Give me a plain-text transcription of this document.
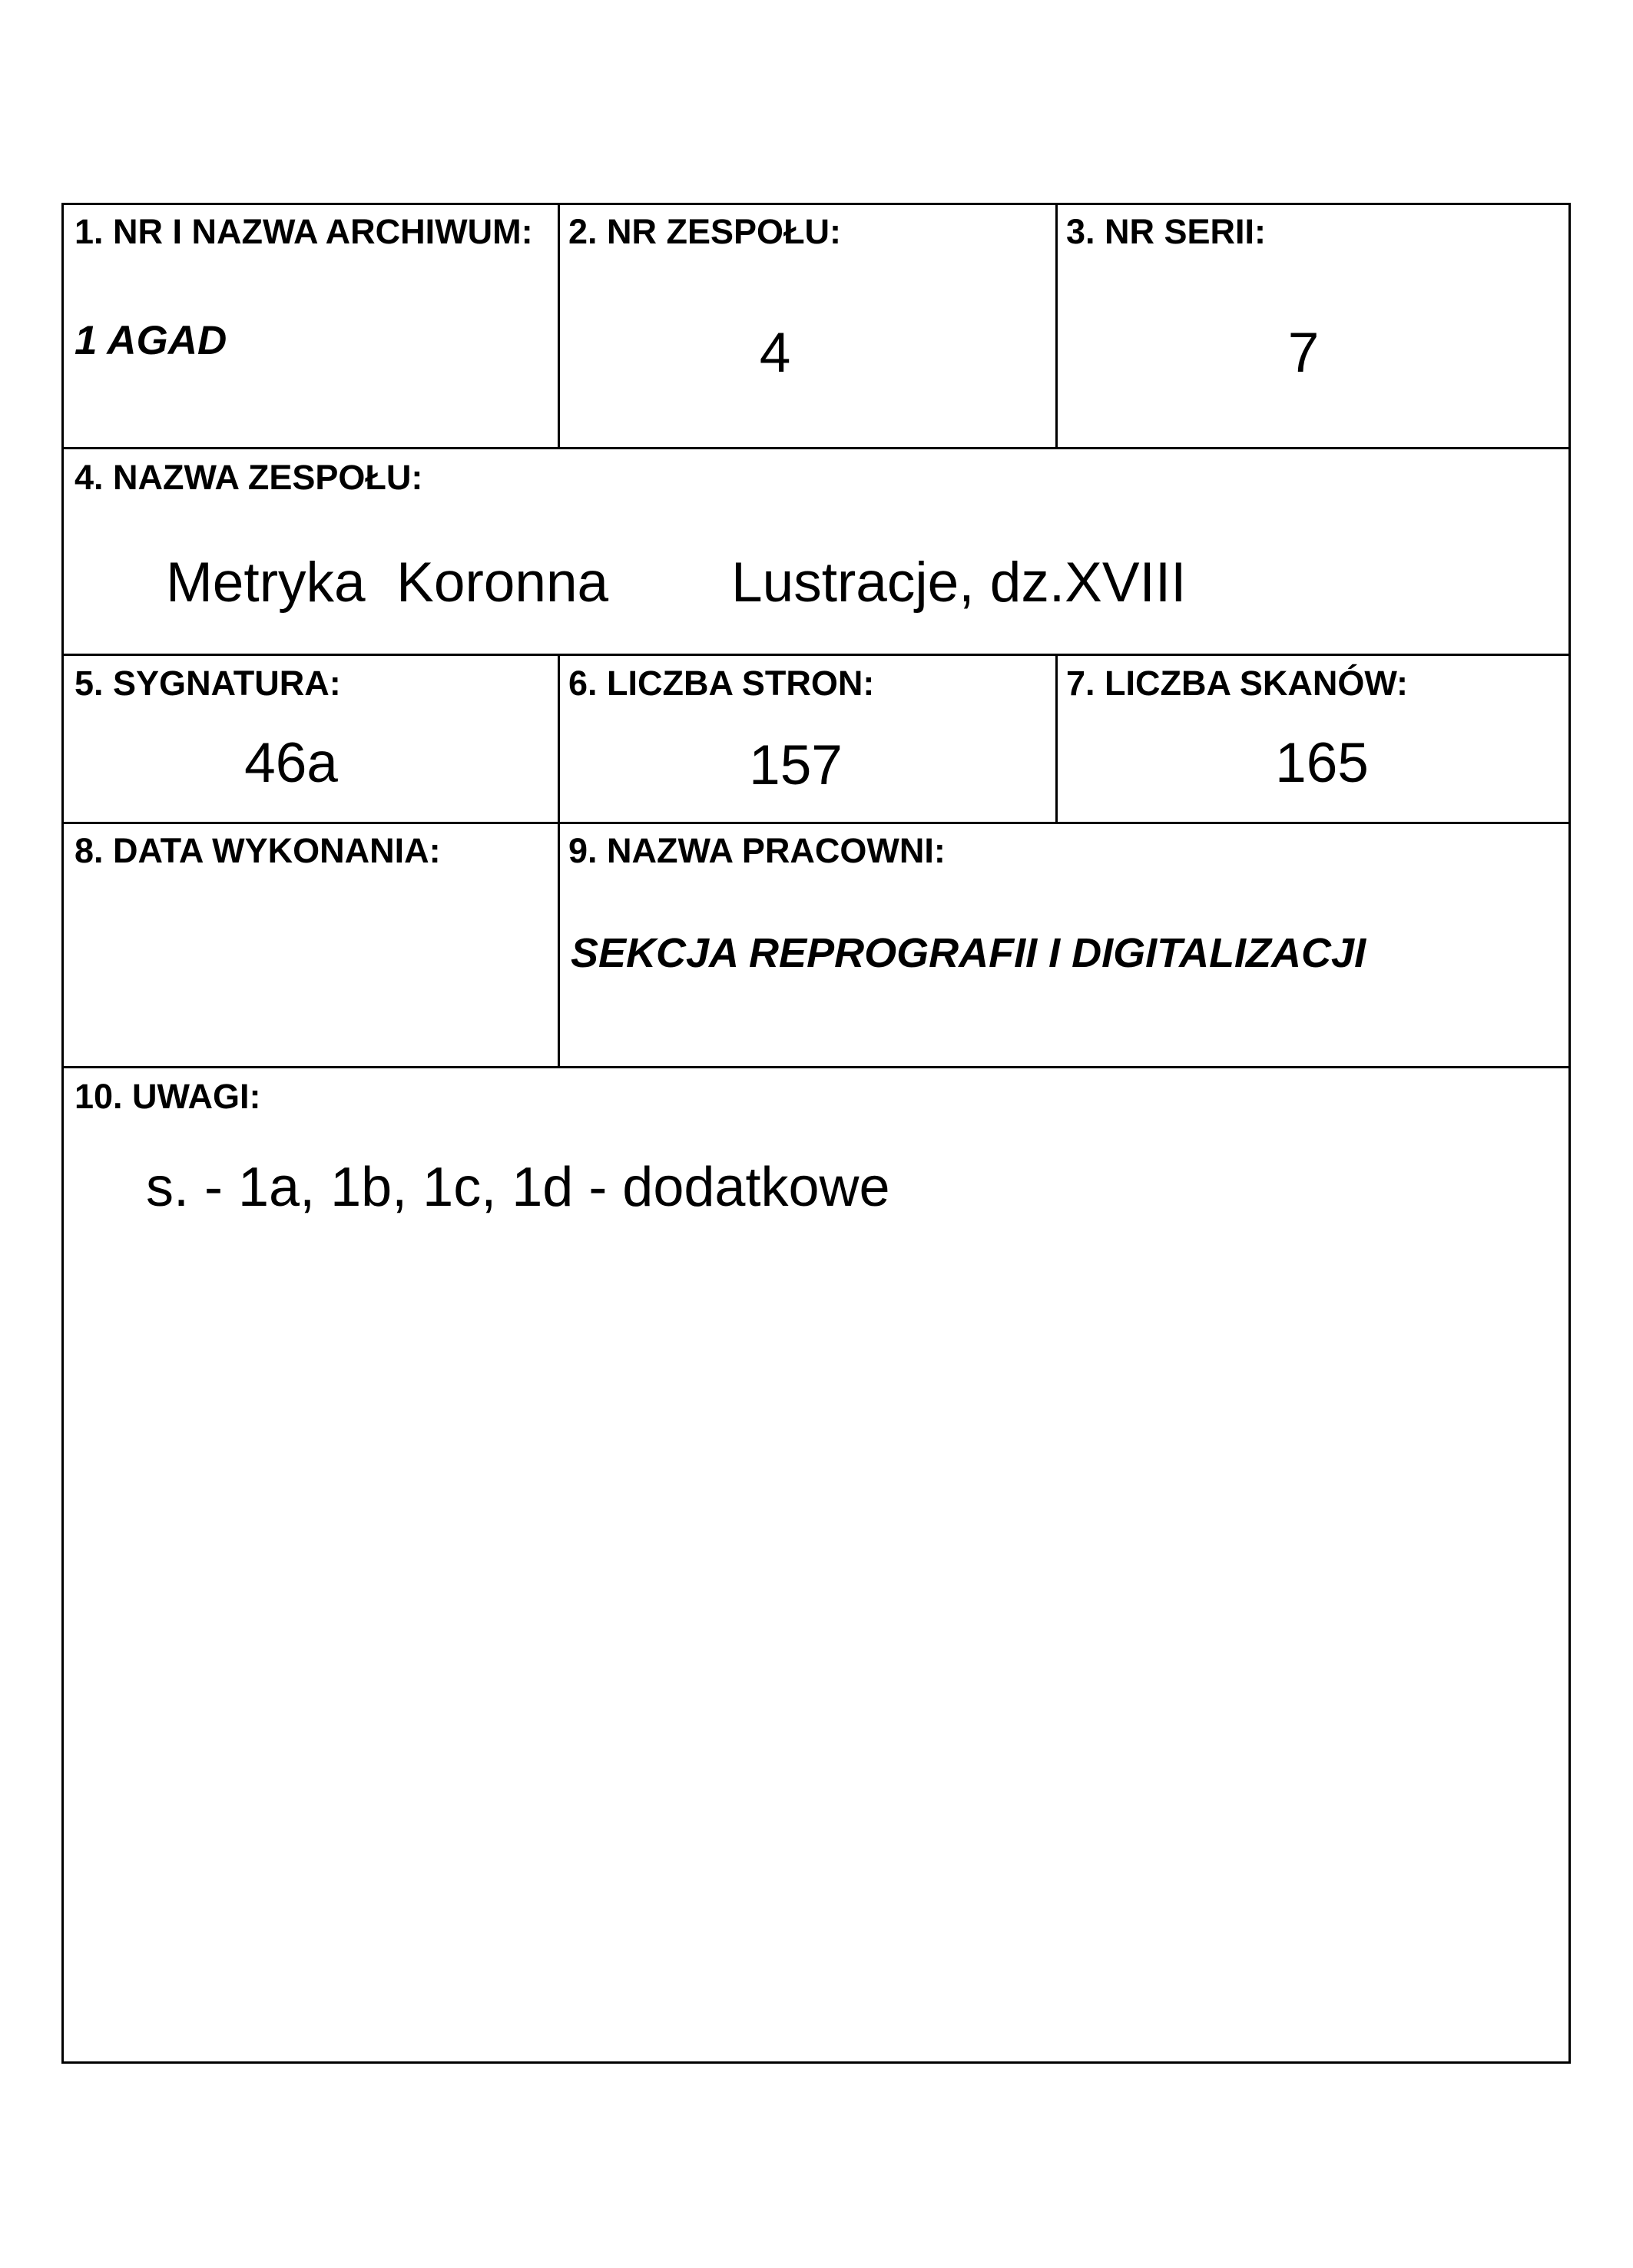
1. NR I NAZWA ARCHIWUM:
1 AGAD
2. NR ZESPOŁU:
4
3. NR SERII:
7
4. NAZWA ZESPOŁU:
Metryka  Koronna Lustracje, dz.XVIII
5. SYGNATURA:
46a
6. LICZBA STRON:
157
7. LICZBA SKANÓW:
165
8. DATA WYKONANIA:	9. NAZWA PRACOWNI:
SEKCJA REPROGRAFII I DIGITALIZACJI
10. UWAGI:
s. - 1a, 1b, 1c, 1d - dodatkowe
